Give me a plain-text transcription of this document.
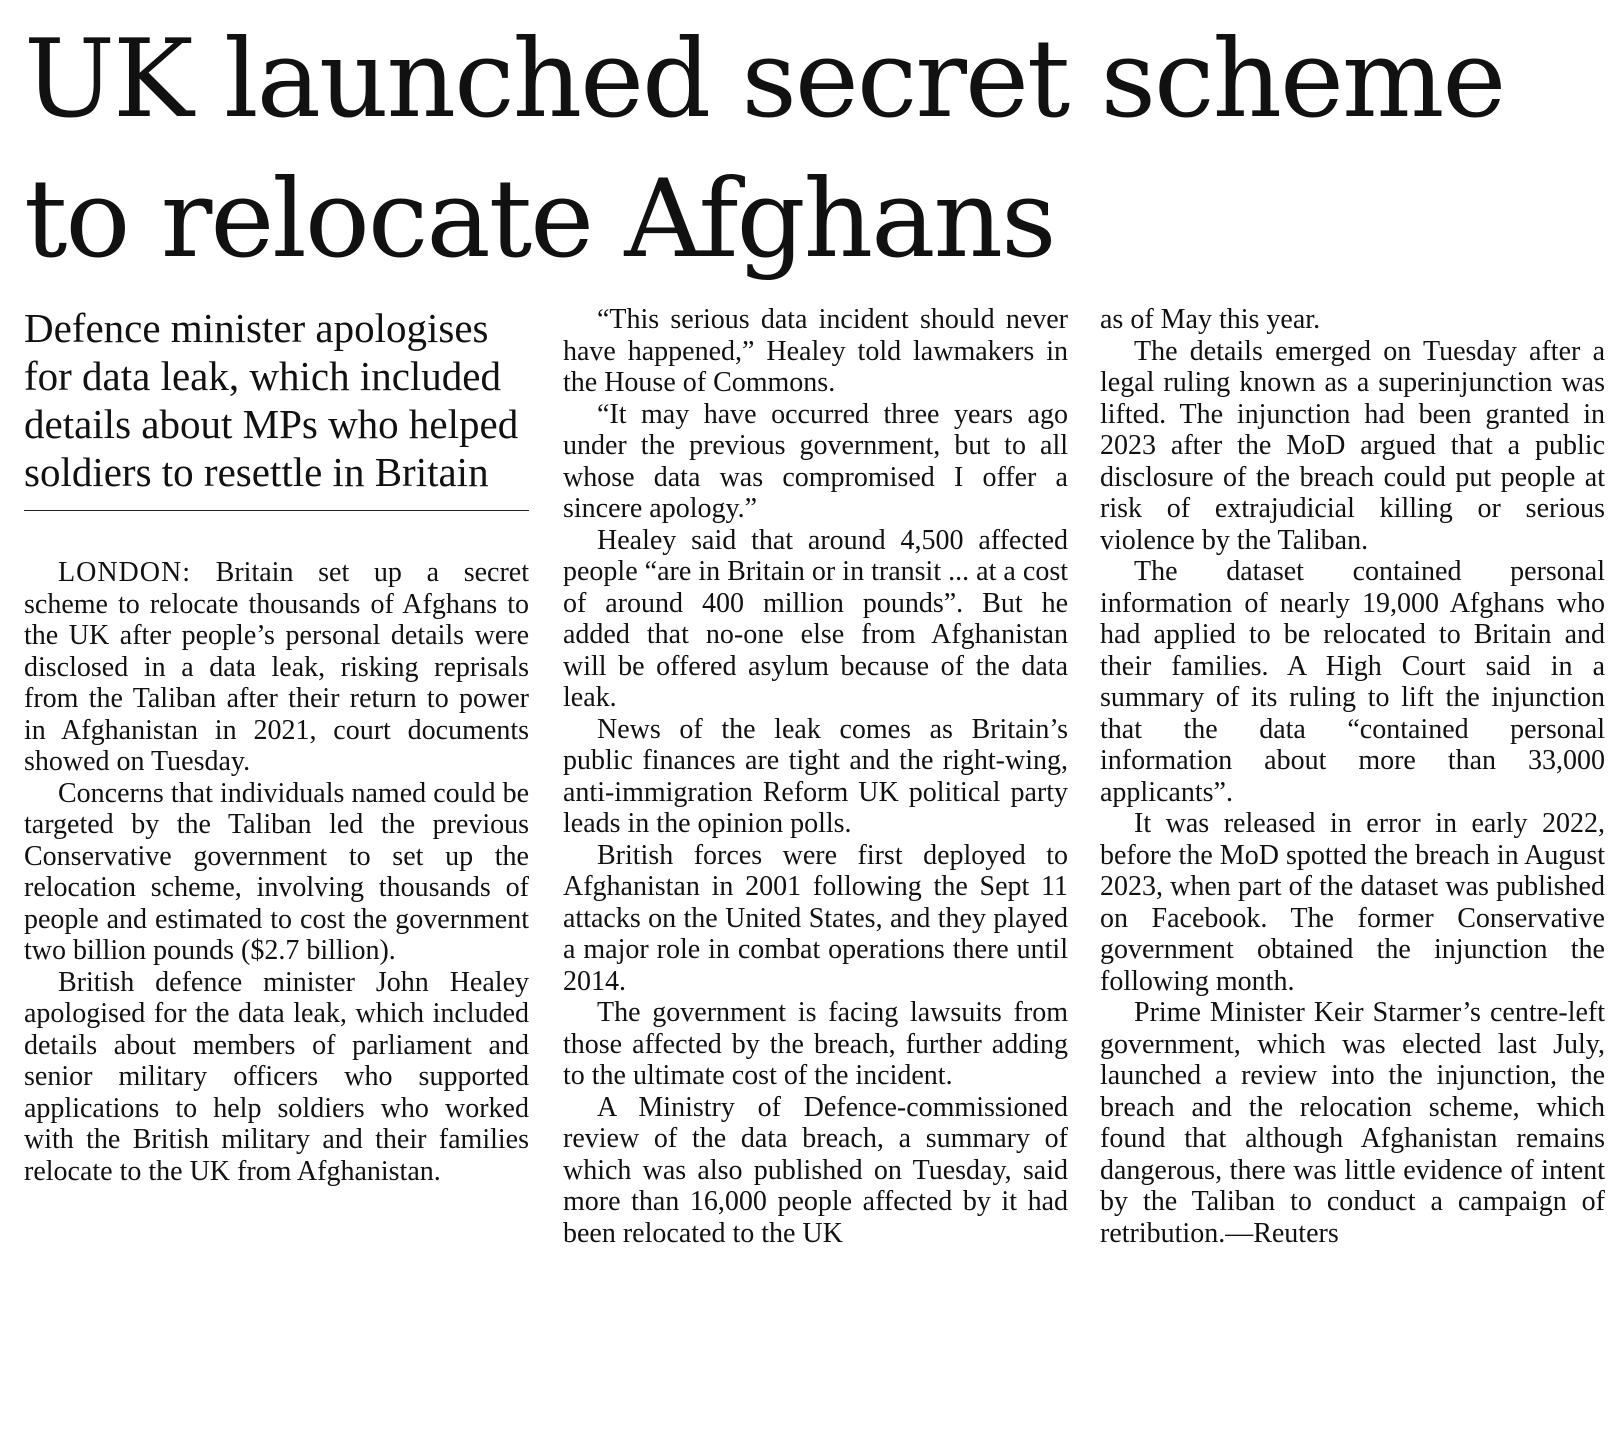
UK launched secret scheme
to relocate Afghans
Defence minister apologises for data leak, which included details about MPs who helped soldiers to resettle in Britain

LONDON: Britain set up a secret scheme to relocate thousands of Afghans to the UK after people’s personal details were disclosed in a data leak, risking reprisals from the Taliban after their return to power in Afghanistan in 2021, court documents showed on Tuesday.

Concerns that individuals named could be targeted by the Taliban led the previous Conservative government to set up the relocation scheme, involving thousands of people and estimated to cost the government two billion pounds ($2.7 billion).

British defence minister John Healey apologised for the data leak, which included details about members of parliament and senior military officers who supported applications to help soldiers who worked with the British military and their families relocate to the UK from Afghanistan.

“This serious data incident should never have happened,” Healey told lawmakers in the House of Commons.

“It may have occurred three years ago under the previous government, but to all whose data was compromised I offer a sincere apology.”

Healey said that around 4,500 affected people “are in Britain or in transit ... at a cost of around 400 million pounds”. But he added that no-one else from Afghanistan will be offered asylum because of the data leak.

News of the leak comes as Britain’s public finances are tight and the right-wing, anti-immigration Reform UK political party leads in the opinion polls.

British forces were first deployed to Afghanistan in 2001 following the Sept 11 attacks on the United States, and they played a major role in combat operations there until 2014.

The government is facing lawsuits from those affected by the breach, further adding to the ultimate cost of the incident.

A Ministry of Defence-commissioned review of the data breach, a summary of which was also published on Tuesday, said more than 16,000 people affected by it had been relocated to the UK

as of May this year.

The details emerged on Tuesday after a legal ruling known as a superinjunction was lifted. The injunction had been granted in 2023 after the MoD argued that a public disclosure of the breach could put people at risk of extrajudicial killing or serious violence by the Taliban.

The dataset contained personal information of nearly 19,000 Afghans who had applied to be relocated to Britain and their families. A High Court said in a summary of its ruling to lift the injunction that the data “contained personal information about more than 33,000 applicants”.

It was released in error in early 2022, before the MoD spotted the breach in August 2023, when part of the dataset was published on Facebook. The former Conservative government obtained the injunction the following month.

Prime Minister Keir Starmer’s centre-left government, which was elected last July, launched a review into the injunction, the breach and the relocation scheme, which found that although Afghanistan remains dangerous, there was little evidence of intent by the Taliban to conduct a campaign of retribution.—Reuters
